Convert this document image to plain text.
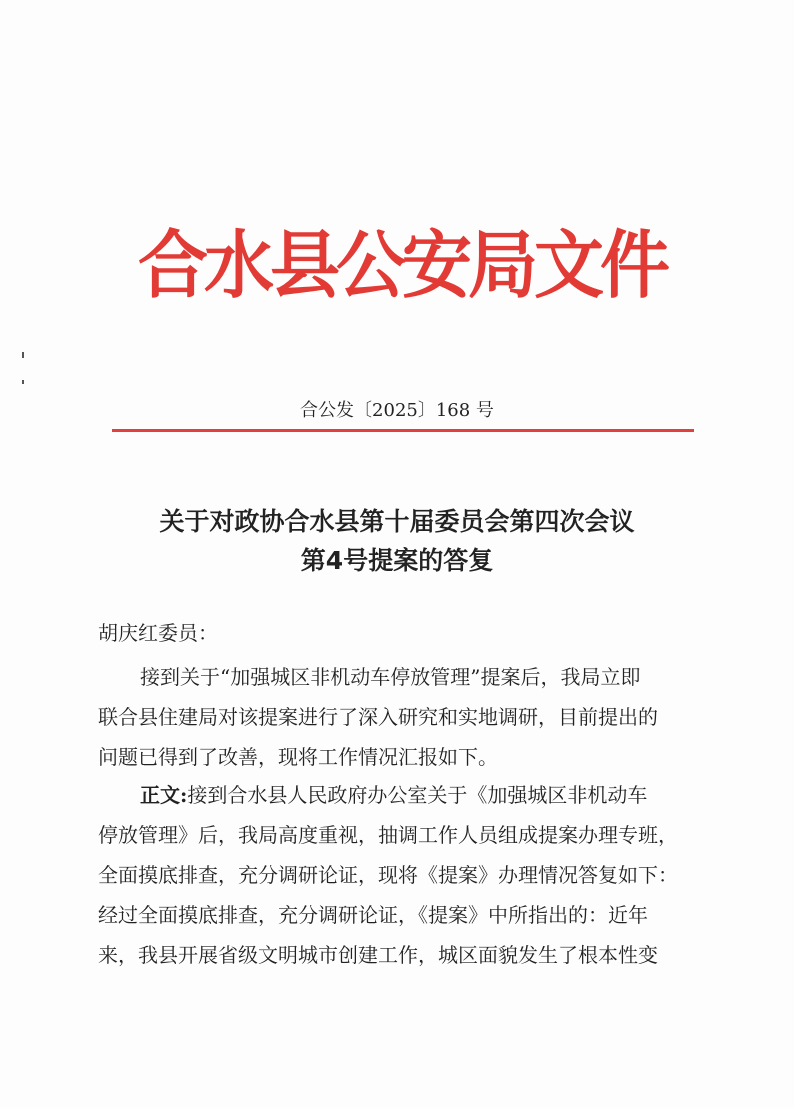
合水县公安局文件
合公发〔2025〕168 号
关于对政协合水县第十届委员会第四次会议
第4号提案的答复
胡庆红委员：
接到关于“加强城区非机动车停放管理”提案后，我局立即
联合县住建局对该提案进行了深入研究和实地调研，目前提出的
问题已得到了改善，现将工作情况汇报如下。
正文:接到合水县人民政府办公室关于《加强城区非机动车
停放管理》后，我局高度重视，抽调工作人员组成提案办理专班，
全面摸底排查，充分调研论证，现将《提案》办理情况答复如下：
经过全面摸底排查，充分调研论证，《提案》中所指出的：近年
来，我县开展省级文明城市创建工作，城区面貌发生了根本性变
